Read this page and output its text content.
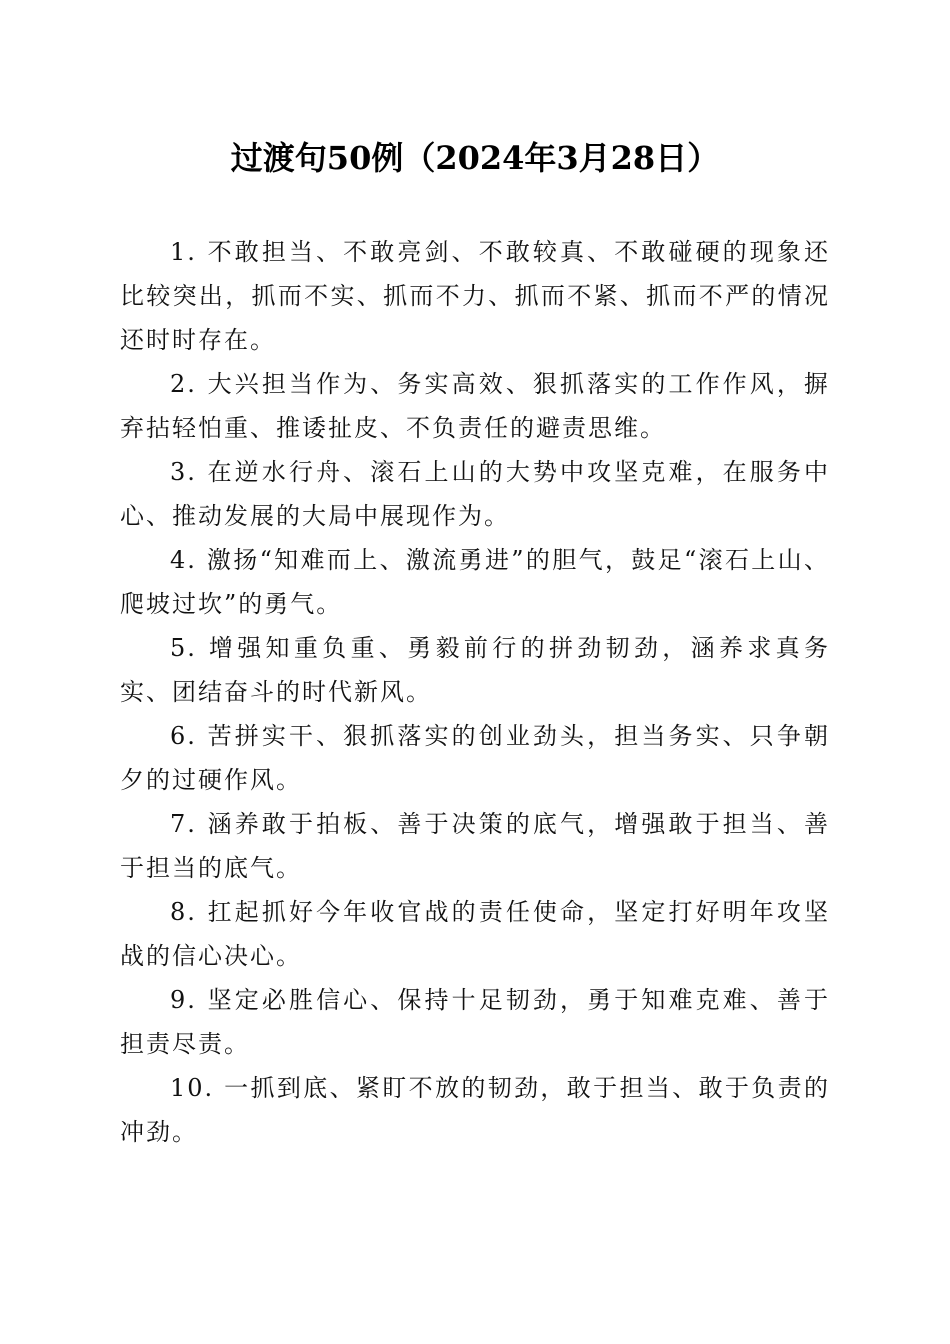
过渡句50例（2024年3月28日）

1. 不敢担当、不敢亮剑、不敢较真、不敢碰硬的现象还比较突出，抓而不实、抓而不力、抓而不紧、抓而不严的情况还时时存在。

2. 大兴担当作为、务实高效、狠抓落实的工作作风，摒弃拈轻怕重、推诿扯皮、不负责任的避责思维。

3. 在逆水行舟、滚石上山的大势中攻坚克难，在服务中心、推动发展的大局中展现作为。

4. 激扬“知难而上、激流勇进”的胆气，鼓足“滚石上山、爬坡过坎”的勇气。

5. 增强知重负重、勇毅前行的拼劲韧劲，涵养求真务实、团结奋斗的时代新风。

6. 苦拼实干、狠抓落实的创业劲头，担当务实、只争朝夕的过硬作风。

7. 涵养敢于拍板、善于决策的底气，增强敢于担当、善于担当的底气。

8. 扛起抓好今年收官战的责任使命，坚定打好明年攻坚战的信心决心。

9. 坚定必胜信心、保持十足韧劲，勇于知难克难、善于担责尽责。

10. 一抓到底、紧盯不放的韧劲，敢于担当、敢于负责的冲劲。
